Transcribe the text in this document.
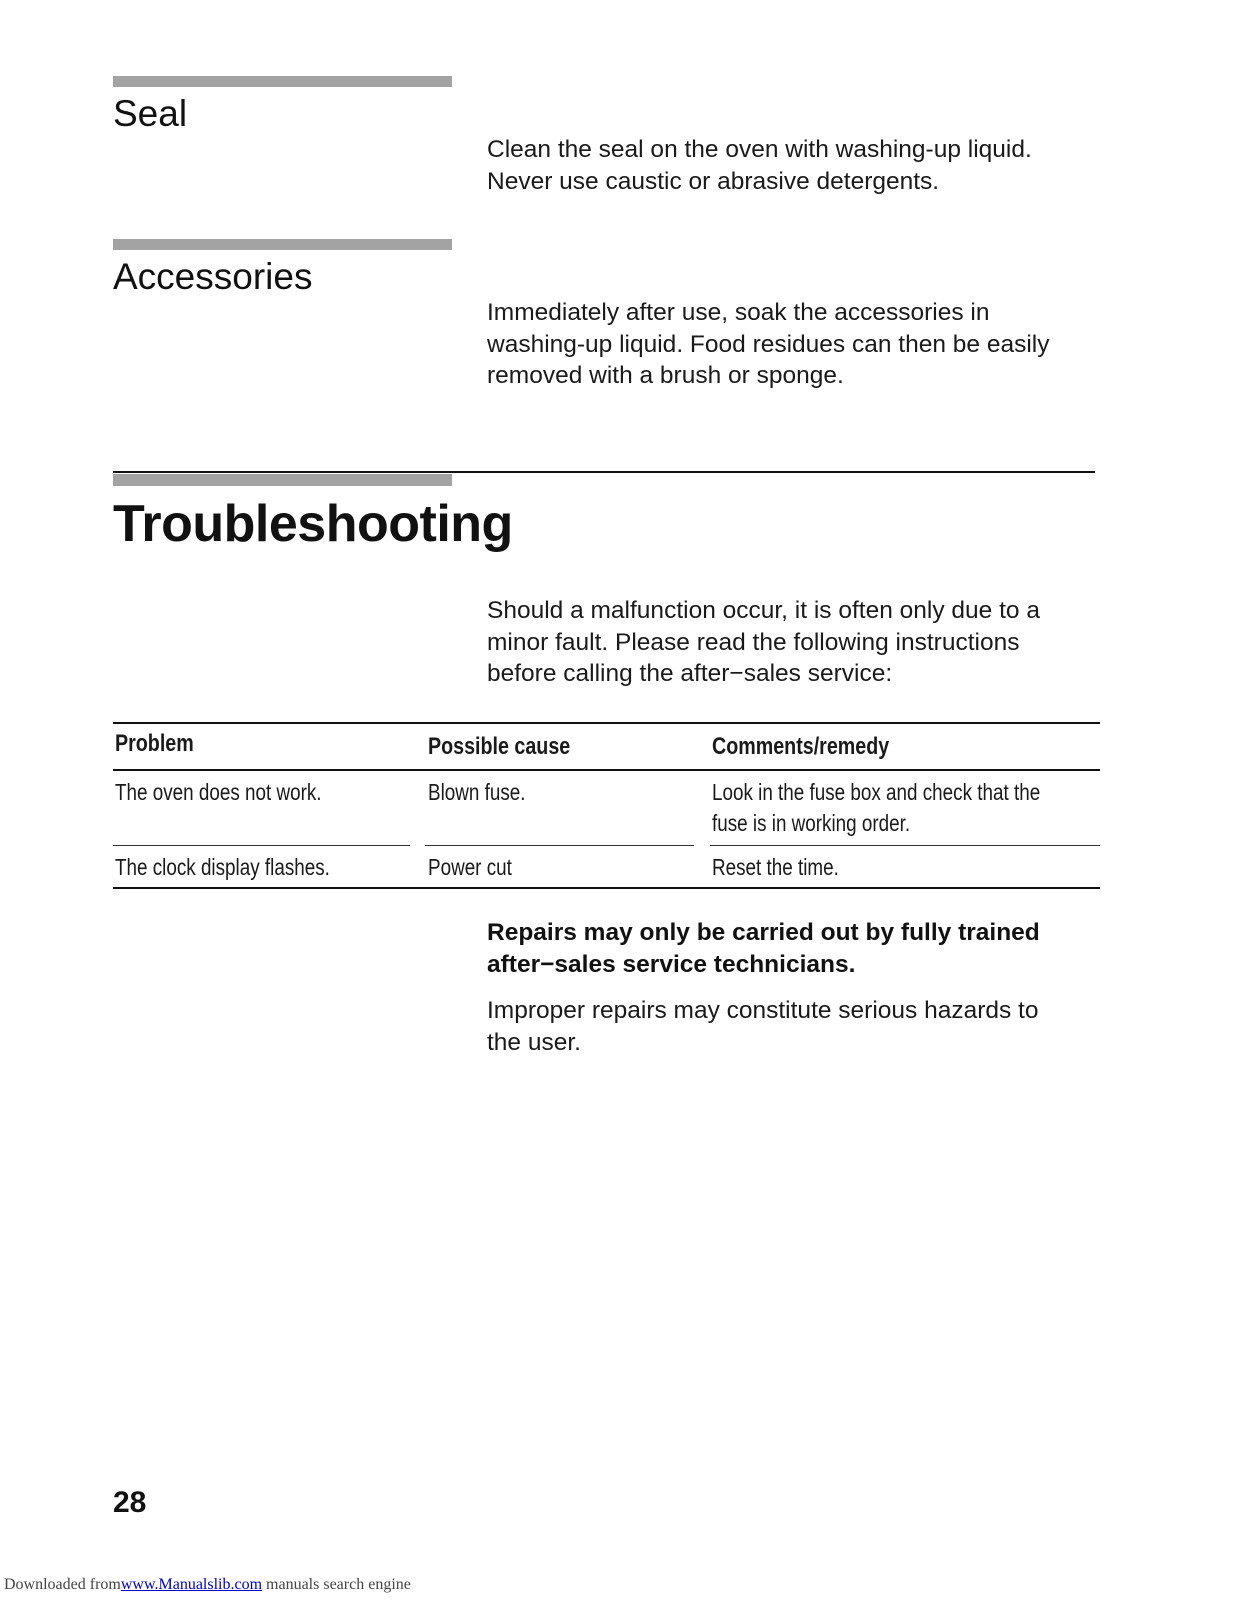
Seal
Clean the seal on the oven with washing-up liquid.
Never use caustic or abrasive detergents.
Accessories
Immediately after use, soak the accessories in
washing-up liquid. Food residues can then be easily
removed with a brush or sponge.
Troubleshooting
Should a malfunction occur, it is often only due to a
minor fault. Please read the following instructions
before calling the after−sales service:
Problem	Possible cause	Comments/remedy
The oven does not work.	Blown fuse.	Look in the fuse box and check that the
fuse is in working order.
The clock display flashes.	Power cut	Reset the time.
Repairs may only be carried out by fully trained
after−sales service technicians.
Improper repairs may constitute serious hazards to
the user.
28
Downloaded fromwww.Manualslib.com manuals search engine
